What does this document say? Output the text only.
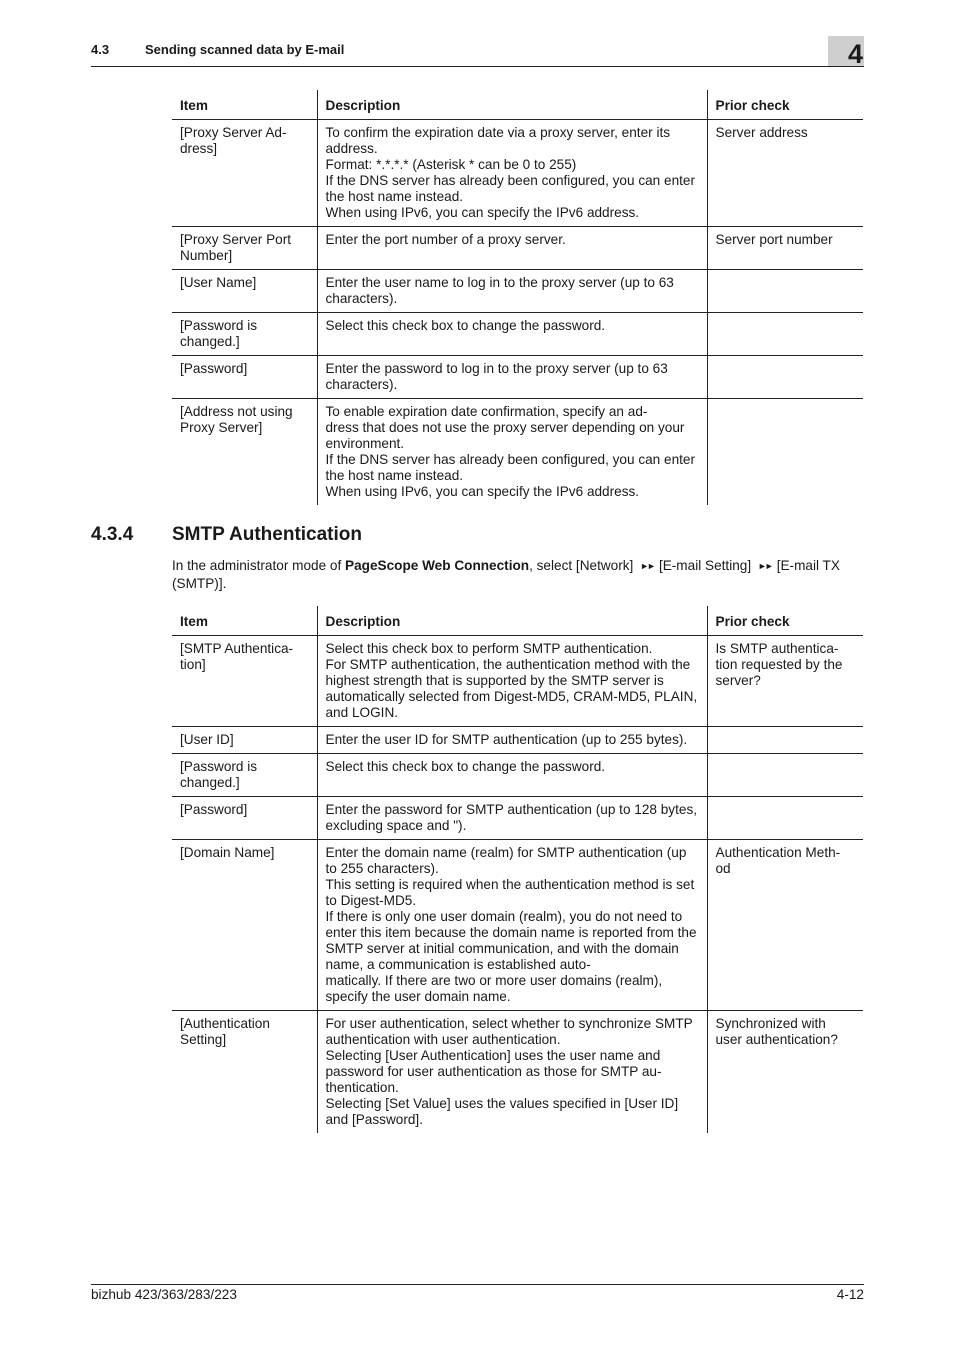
4.3	Sending scanned data by E-mail	4
Item	Description	Prior check
[Proxy Server Ad-
dress]	To confirm the expiration date via a proxy server, enter its address.
Format: *.*.*.* (Asterisk * can be 0 to 255)
If the DNS server has already been configured, you can enter the host name instead.
When using IPv6, you can specify the IPv6 address.	Server address
[Proxy Server Port
Number]	Enter the port number of a proxy server.	Server port number
[User Name]	Enter the user name to log in to the proxy server (up to 63 characters).	
[Password is
changed.]	Select this check box to change the password.	
[Password]	Enter the password to log in to the proxy server (up to 63 characters).	
[Address not using
Proxy Server]	To enable expiration date confirmation, specify an ad-
dress that does not use the proxy server depending on your environment.
If the DNS server has already been configured, you can enter the host name instead.
When using IPv6, you can specify the IPv6 address.	
4.3.4 SMTP Authentication
In the administrator mode of PageScope Web Connection, select [Network] ►► [E-mail Setting] ►► [E-mail TX (SMTP)].
Item	Description	Prior check
[SMTP Authentica-
tion]	Select this check box to perform SMTP authentication.
For SMTP authentication, the authentication method with the highest strength that is supported by the SMTP server is automatically selected from Digest-MD5, CRAM-MD5, PLAIN, and LOGIN.	Is SMTP authentica-
tion requested by the server?
[User ID]	Enter the user ID for SMTP authentication (up to 255 bytes).	
[Password is
changed.]	Select this check box to change the password.	
[Password]	Enter the password for SMTP authentication (up to 128 bytes, excluding space and ").	
[Domain Name]	Enter the domain name (realm) for SMTP authentication (up to 255 characters).
This setting is required when the authentication method is set to Digest-MD5.
If there is only one user domain (realm), you do not need to enter this item because the domain name is reported from the SMTP server at initial communication, and with the domain name, a communication is established auto-
matically. If there are two or more user domains (realm), specify the user domain name.	Authentication Meth-
od
[Authentication
Setting]	For user authentication, select whether to synchronize SMTP authentication with user authentication.
Selecting [User Authentication] uses the user name and password for user authentication as those for SMTP au-
thentication.
Selecting [Set Value] uses the values specified in [User ID] and [Password].	Synchronized with user authentication?
bizhub 423/363/283/223	4-12
